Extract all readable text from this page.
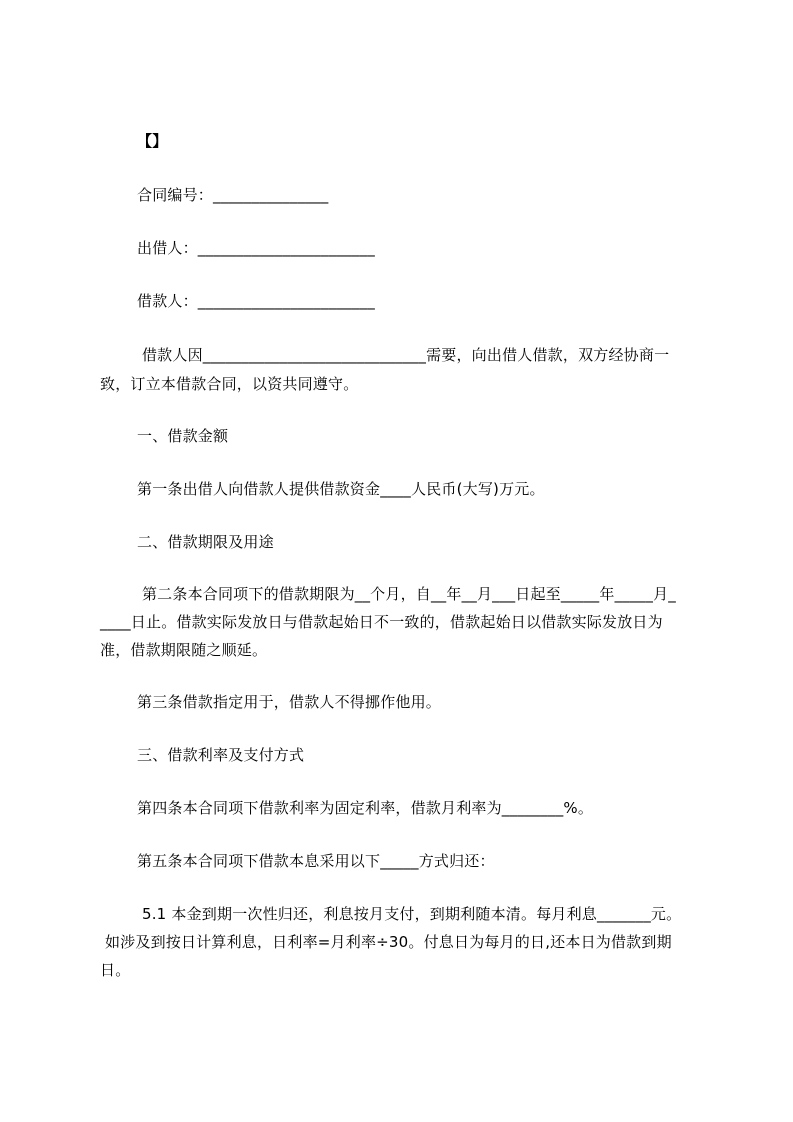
【】
合同编号：_______________
出借人：_______________________
借款人：_______________________
借款人因_____________________________需要，向出借人借款，双方经协商一
致，订立本借款合同，以资共同遵守。
一、借款金额
第一条出借人向借款人提供借款资金____人民币(大写)万元。
二、借款期限及用途
第二条本合同项下的借款期限为__个月，自__年__月___日起至_____年_____月_
____日止。借款实际发放日与借款起始日不一致的，借款起始日以借款实际发放日为
准，借款期限随之顺延。
第三条借款指定用于，借款人不得挪作他用。
三、借款利率及支付方式
第四条本合同项下借款利率为固定利率，借款月利率为________%。
第五条本合同项下借款本息采用以下_____方式归还：
5.1 本金到期一次性归还，利息按月支付，到期利随本清。每月利息_______元。
如涉及到按日计算利息，日利率=月利率÷30。付息日为每月的日,还本日为借款到期
日。
